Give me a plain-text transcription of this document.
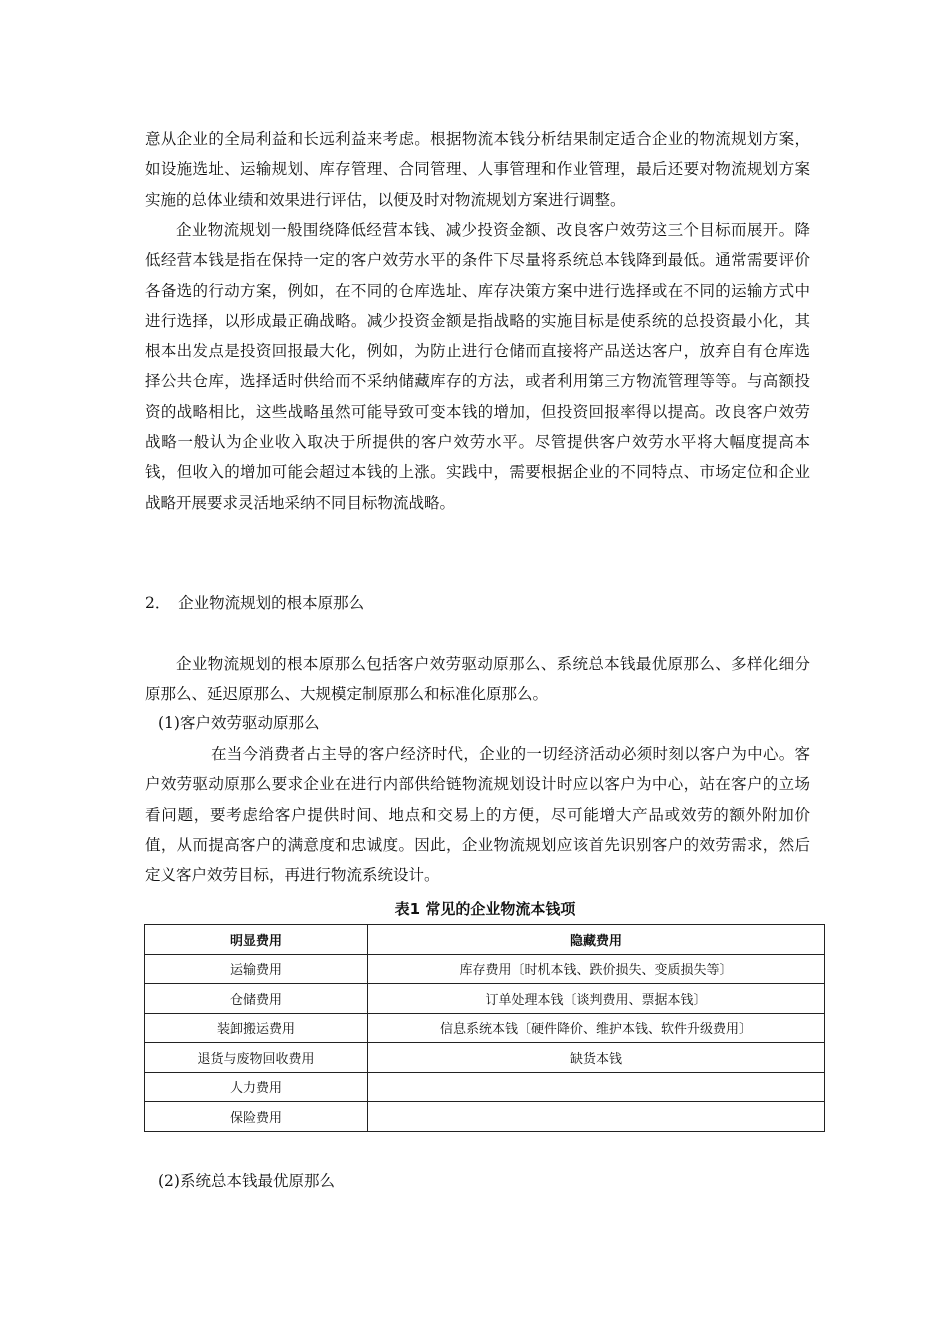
意从企业的全局利益和长远利益来考虑。根据物流本钱分析结果制定适合企业的物流规划方案，如设施选址、运输规划、库存管理、合同管理、人事管理和作业管理，最后还要对物流规划方案实施的总体业绩和效果进行评估，以便及时对物流规划方案进行调整。

企业物流规划一般围绕降低经营本钱、减少投资金额、改良客户效劳这三个目标而展开。降低经营本钱是指在保持一定的客户效劳水平的条件下尽量将系统总本钱降到最低。通常需要评价各备选的行动方案，例如，在不同的仓库选址、库存决策方案中进行选择或在不同的运输方式中进行选择，以形成最正确战略。减少投资金额是指战略的实施目标是使系统的总投资最小化，其根本出发点是投资回报最大化，例如，为防止进行仓储而直接将产品送达客户，放弃自有仓库选择公共仓库，选择适时供给而不采纳储藏库存的方法，或者利用第三方物流管理等等。与高额投资的战略相比，这些战略虽然可能导致可变本钱的增加，但投资回报率得以提高。改良客户效劳战略一般认为企业收入取决于所提供的客户效劳水平。尽管提供客户效劳水平将大幅度提高本钱，但收入的增加可能会超过本钱的上涨。实践中，需要根据企业的不同特点、市场定位和企业战略开展要求灵活地采纳不同目标物流战略。

2．　企业物流规划的根本原那么

企业物流规划的根本原那么包括客户效劳驱动原那么、系统总本钱最优原那么、多样化细分原那么、延迟原那么、大规模定制原那么和标准化原那么。

(1)客户效劳驱动原那么

在当今消费者占主导的客户经济时代，企业的一切经济活动必须时刻以客户为中心。客户效劳驱动原那么要求企业在进行内部供给链物流规划设计时应以客户为中心，站在客户的立场看问题，要考虑给客户提供时间、地点和交易上的方便，尽可能增大产品或效劳的额外附加价值，从而提高客户的满意度和忠诚度。因此，企业物流规划应该首先识别客户的效劳需求，然后定义客户效劳目标，再进行物流系统设计。

表1 常见的企业物流本钱项
明显费用	隐藏费用
运输费用	库存费用〔时机本钱、跌价损失、变质损失等〕
仓储费用	订单处理本钱〔谈判费用、票据本钱〕
装卸搬运费用	信息系统本钱〔硬件降价、维护本钱、软件升级费用〕
退货与废物回收费用	缺货本钱
人力费用	
保险费用	

(2)系统总本钱最优原那么
